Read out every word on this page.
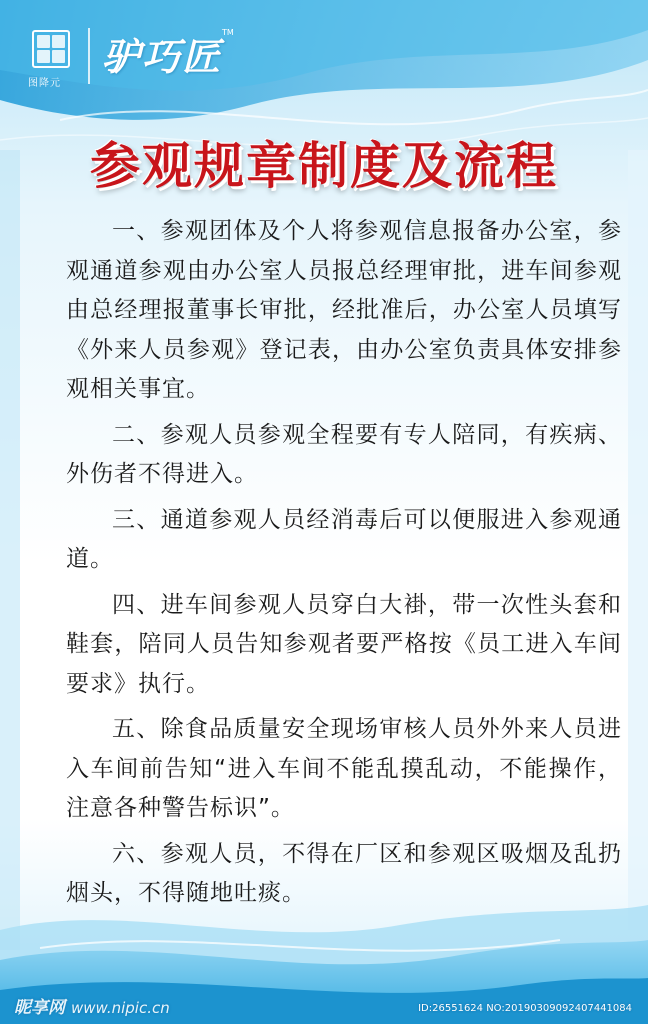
图降元
驴巧匠
TM
参观规章制度及流程

一、参观团体及个人将参观信息报备办公室，参观通道参观由办公室人员报总经理审批，进车间参观由总经理报董事长审批，经批准后，办公室人员填写《外来人员参观》登记表，由办公室负责具体安排参观相关事宜。

二、参观人员参观全程要有专人陪同，有疾病、外伤者不得进入。

三、通道参观人员经消毒后可以便服进入参观通道。

四、进车间参观人员穿白大褂，带一次性头套和鞋套，陪同人员告知参观者要严格按《员工进入车间要求》执行。

五、除食品质量安全现场审核人员外外来人员进入车间前告知“进入车间不能乱摸乱动，不能操作，注意各种警告标识”。

六、参观人员，不得在厂区和参观区吸烟及乱扔烟头，不得随地吐痰。

昵享网 www.nipic.cn	ID:26551624 NO:20190309092407441084
